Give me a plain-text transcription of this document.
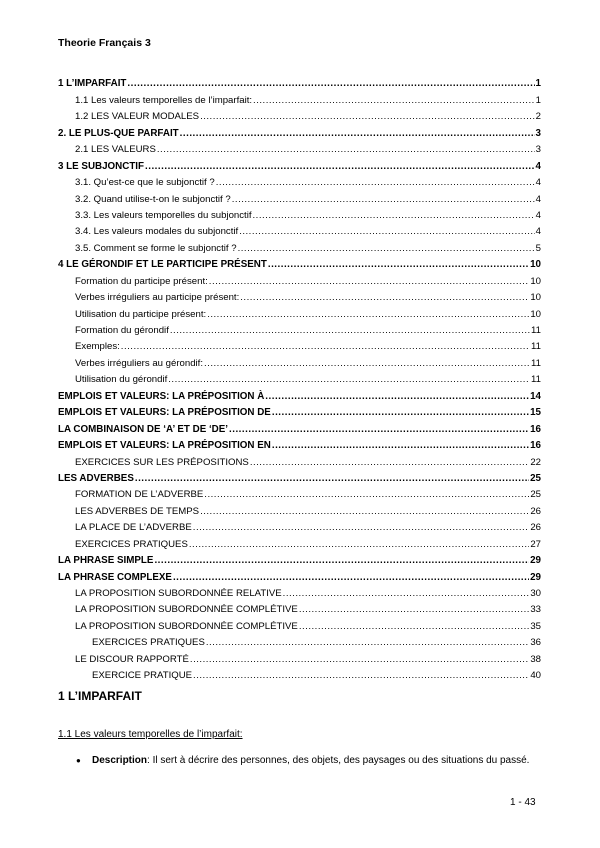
Theorie Français 3
1 L’IMPARFAIT .....	1
1.1 Les valeurs temporelles de l’imparfait: .....	1
1.2 LES VALEUR MODALES .....	2
2. LE PLUS-QUE PARFAIT .....	3
2.1 LES VALEURS .....	3
3 LE SUBJONCTIF .....	4
3.1. Qu’est-ce que le subjonctif ? .....	4
3.2. Quand utilise-t-on le subjonctif ? .....	4
3.3. Les valeurs temporelles du subjonctif .....	4
3.4. Les valeurs modales du subjonctif .....	4
3.5. Comment se forme le subjonctif ? .....	5
4 LE GÉRONDIF ET LE PARTICIPE PRÉSENT .....	10
Formation du participe présent: .....	10
Verbes irréguliers au participe présent: .....	10
Utilisation du participe présent: .....	10
Formation du gérondif .....	11
Exemples: .....	11
Verbes irréguliers au gérondif: .....	11
Utilisation du gérondif .....	11
EMPLOIS ET VALEURS: LA PRÉPOSITION À .....	14
EMPLOIS ET VALEURS: LA PRÉPOSITION DE .....	15
LA COMBINAISON DE ‘A’ ET DE ‘DE’ .....	16
EMPLOIS ET VALEURS: LA PRÉPOSITION EN .....	16
EXERCICES SUR LES PRÉPOSITIONS .....	22
LES ADVERBES .....	25
FORMATION DE L’ADVERBE .....	25
LES ADVERBES DE TEMPS .....	26
LA PLACE DE L’ADVERBE .....	26
EXERCICES PRATIQUES .....	27
LA PHRASE SIMPLE .....	29
LA PHRASE COMPLEXE .....	29
LA PROPOSITION SUBORDONNÉE RELATIVE .....	30
LA PROPOSITION SUBORDONNÉE COMPLÉTIVE .....	33
LA PROPOSITION SUBORDONNÉE COMPLÉTIVE .....	35
EXERCICES PRATIQUES .....	36
LE DISCOUR RAPPORTÉ .....	38
EXERCICE PRATIQUE .....	40
1 L’IMPARFAIT
1.1 Les valeurs temporelles de l’imparfait:
●	Description: Il sert à décrire des personnes, des objets, des paysages ou des situations du passé.
1 - 43
